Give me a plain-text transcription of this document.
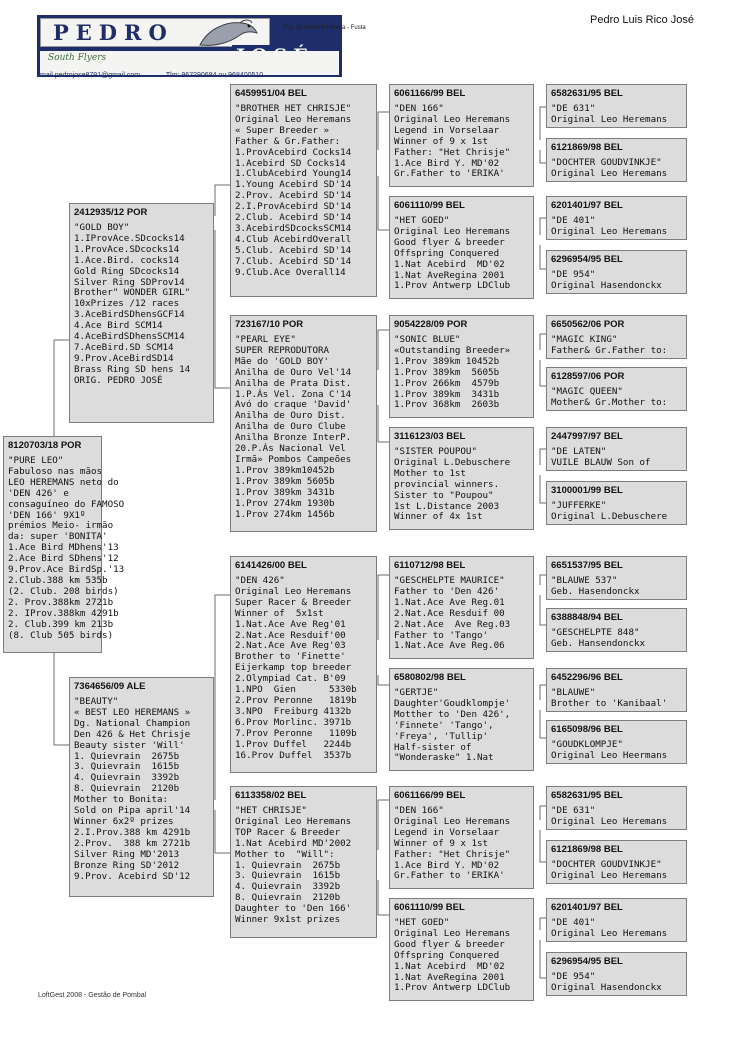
Pedro Luis Rico José
PEDRO	Rua da Ponte Pequena - Fusta
South Flyers
mail.pedrojose8791@gmail.com	Tlm: 967290684 ou 968400510
8120703/18 POR
"PURE LEO"
Fabuloso nas mãos
LEO HEREMANS neto do
'DEN 426' e
consaguíneo do FAMOSO
'DEN 166' 9X1º
prémios Meio- irmão
da: super 'BONITA'
1.Ace Bird MDhens'13
2.Ace Bird SDhens'12
9.Prov.Ace BirdSp.'13
2.Club.388 km 535b
(2. Club. 208 birds)
2. Prov.388km 2721b
2. IProv.388km 4291b
2. Club.399 km 213b
(8. Club 505 birds)
2412935/12 POR
"GOLD BOY"
1.IProvAce.SDcocks14
1.ProvAce.SDcocks14
1.Ace.Bird. cocks14
Gold Ring SDcocks14
Silver Ring SDProv14
Brother" WONDER GIRL"
10xPrizes /12 races
3.AceBirdSDhensGCF14
4.Ace Bird SCM14
4.AceBirdSDhensSCM14
7.AceBird.SD SCM14
9.Prov.AceBirdSD14
Brass Ring SD hens 14
ORIG. PEDRO JOSÉ
7364656/09 ALE
"BEAUTY"
« BEST LEO HEREMANS »
Dg. National Champion
Den 426 & Het Chrisje
Beauty sister 'Will'
1. Quievrain  2675b
3. Quievrain  1615b
4. Quievrain  3392b
8. Quievrain  2120b
Mother to Bonita:
Sold on Pipa april'14
Winner 6x2º prizes
2.I.Prov.388 km 4291b
2.Prov.  388 km 2721b
Silver Ring MD'2013
Bronze Ring SD'2012
9.Prov. Acebird SD'12
6459951/04 BEL
"BROTHER HET CHRISJE"
Original Leo Heremans
« Super Breeder »
Father & Gr.Father:
1.ProvAcebird Cocks14
1.Acebird SD Cocks14
1.ClubAcebird Young14
1.Young Acebird SD'14
2.Prov. Acebird SD'14
2.I.ProvAcebird SD'14
2.Club. Acebird SD'14
3.AcebirdSDcocksSCM14
4.Club AcebirdOverall
5.Club. Acebird SD'14
7.Club. Acebird SD'14
9.Club.Ace Overall14
723167/10 POR
"PEARL EYE"
SUPER REPRODUTORA
Mãe do 'GOLD BOY'
Anilha de Ouro Vel'14
Anilha de Prata Dist.
1.P.Ás Vel. Zona C'14
Avó do craque 'David'
Anilha de Ouro Dist.
Anilha de Ouro Clube
Anilha Bronze InterP.
20.P.Ás Nacional Vel
Irmã» Pombos Campeões
1.Prov 389km10452b
1.Prov 389km 5605b
1.Prov 389km 3431b
1.Prov 274km 1930b
1.Prov 274km 1456b
6141426/00 BEL
"DEN 426"
Original Leo Heremans
Super Racer & Breeder
Winner of  5x1st
1.Nat.Ace Ave Reg'01
2.Nat.Ace Resduif'00
2.Nat.Ace Ave Reg'03
Brother to 'Finette'
Eijerkamp top breeder
2.Olympiad Cat. B'09
1.NPO  Gien      5330b
2.Prov Peronne   1819b
3.NPO  Freiburg 4132b
6.Prov Morlinc. 3971b
7.Prov Peronne   1109b
1.Prov Duffel   2244b
16.Prov Duffel  3537b
6113358/02 BEL
"HET CHRISJE"
Original Leo Heremans
TOP Racer & Breeder
1.Nat Acebird MD'2002
Mother to  "Will":
1. Quievrain  2675b
3. Quievrain  1615b
4. Quievrain  3392b
8. Quievrain  2120b
Daughter to 'Den 166'
Winner 9x1st prizes
6061166/99 BEL
"DEN 166"
Original Leo Heremans
Legend in Vorselaar
Winner of 9 x 1st
Father: "Het Chrisje"
1.Ace Bird Y. MD'02
Gr.Father to 'ERIKA'
6061110/99 BEL
"HET GOED"
Original Leo Heremans
Good flyer & breeder
Offspring Conquered
1.Nat Acebird  MD'02
1.Nat AveRegina 2001
1.Prov Antwerp LDClub
9054228/09 POR
"SONIC BLUE"
«Outstanding Breeder»
1.Prov 389km 10452b
1.Prov 389km  5605b
1.Prov 266km  4579b
1.Prov 389km  3431b
1.Prov 368km  2603b
3116123/03 BEL
"SISTER POUPOU"
Original L.Debuschere
Mother to 1st
provincial winners.
Sister to "Poupou"
1st L.Distance 2003
Winner of 4x 1st
6110712/98 BEL
"GESCHELPTE MAURICE"
Father to 'Den 426'
1.Nat.Ace Ave Reg.01
2.Nat.Ace Resduif 00
2.Nat.Ace  Ave Reg.03
Father to 'Tango'
1.Nat.Ace Ave Reg.06
6580802/98 BEL
"GERTJE"
Daughter'Goudklompje'
Motther to 'Den 426',
'Finnete' 'Tango',
'Freya', 'Tullip'
Half-sister of
"Wonderaske" 1.Nat
6061166/99 BEL
"DEN 166"
Original Leo Heremans
Legend in Vorselaar
Winner of 9 x 1st
Father: "Het Chrisje"
1.Ace Bird Y. MD'02
Gr.Father to 'ERIKA'
6061110/99 BEL
"HET GOED"
Original Leo Heremans
Good flyer & breeder
Offspring Conquered
1.Nat Acebird  MD'02
1.Nat AveRegina 2001
1.Prov Antwerp LDClub
6582631/95 BEL
"DE 631"
Original Leo Heremans
6121869/98 BEL
"DOCHTER GOUDVINKJE"
Original Leo Heremans
6201401/97 BEL
"DE 401"
Original Leo Heremans
6296954/95 BEL
"DE 954"
Original Hasendonckx
6650562/06 POR
"MAGIC KING"
Father& Gr.Father to:
6128597/06 POR
"MAGIC QUEEN"
Mother& Gr.Mother to:
2447997/97 BEL
"DE LATEN"
VUILE BLAUW Son of
3100001/99 BEL
"JUFFERKE"
Original L.Debuschere
6651537/95 BEL
"BLAUWE 537"
Geb. Hasendonckx
6388848/94 BEL
"GESCHELPTE 848"
Geb. Hansendonckx
6452296/96 BEL
"BLAUWE"
Brother to 'Kanibaal'
6165098/96 BEL
"GOUDKLOMPJE"
Original Leo Heermans
6582631/95 BEL
"DE 631"
Original Leo Heremans
6121869/98 BEL
"DOCHTER GOUDVINKJE"
Original Leo Heremans
6201401/97 BEL
"DE 401"
Original Leo Heremans
6296954/95 BEL
"DE 954"
Original Hasendonckx
LoftGest 2008 - Gestão de Pombal
